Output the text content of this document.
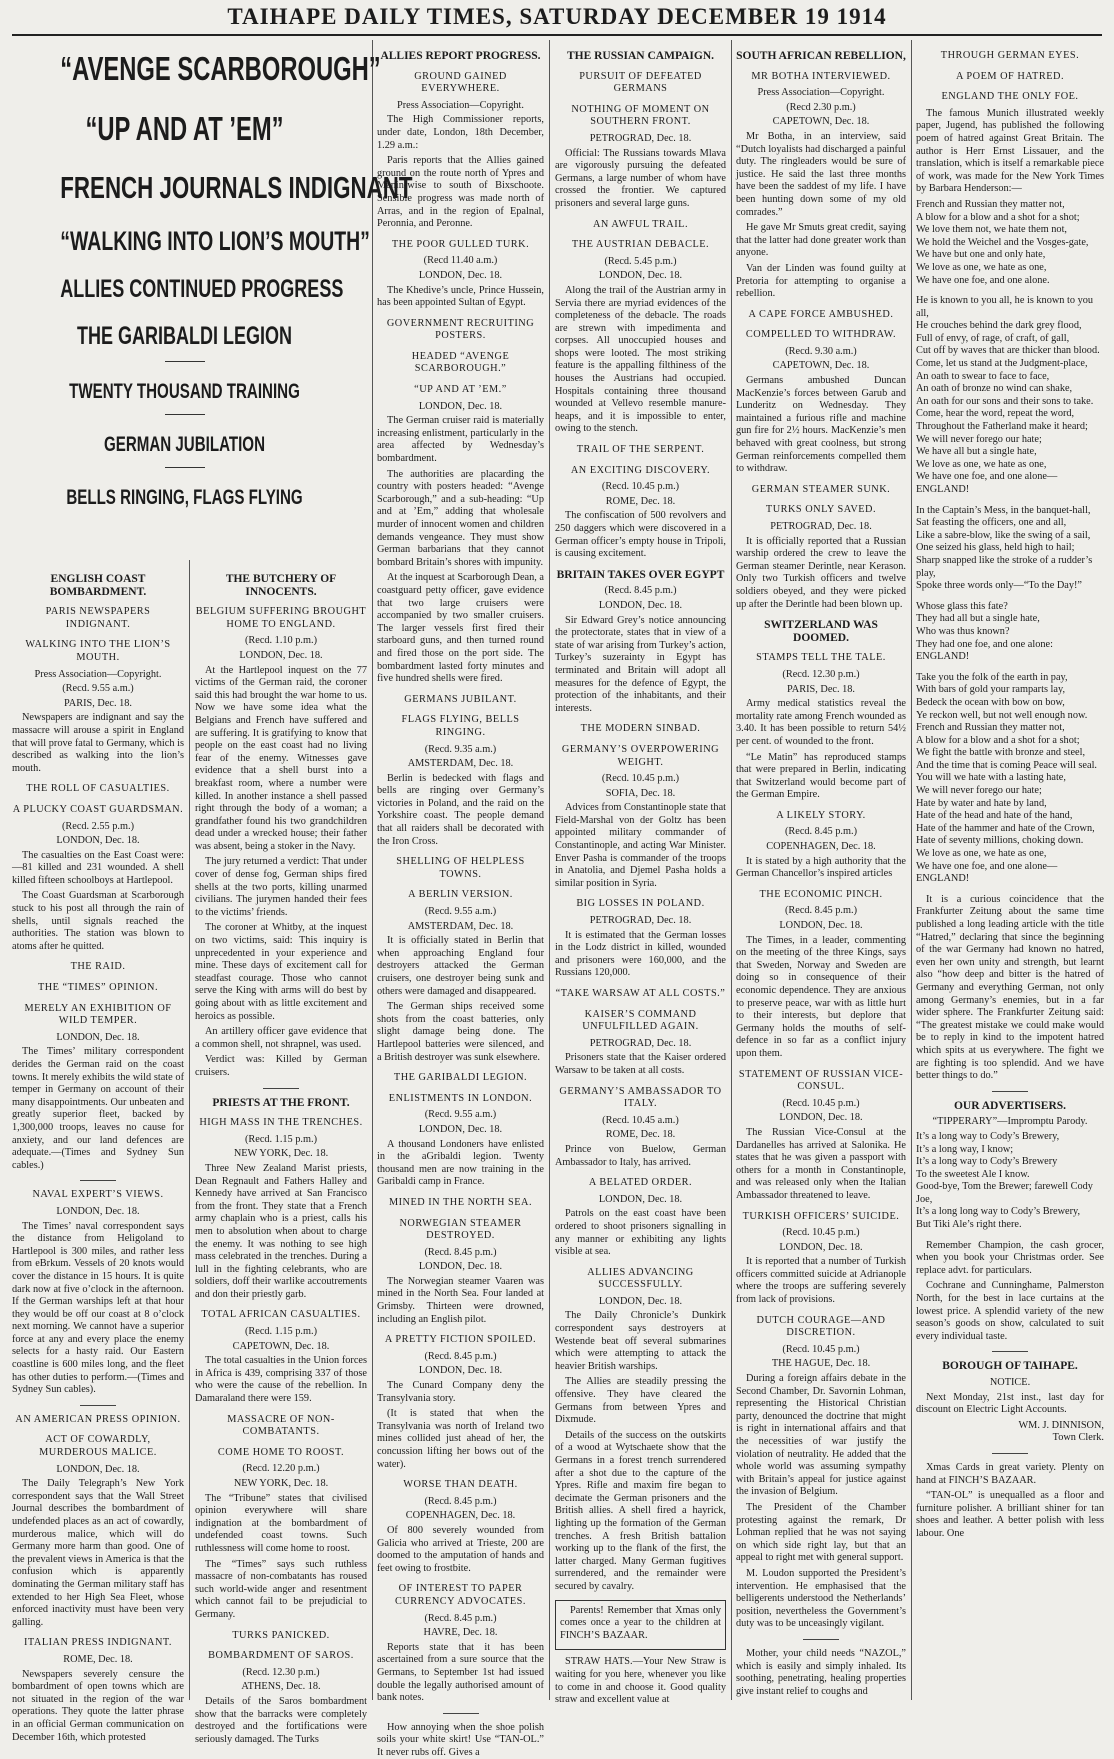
TAIHAPE DAILY TIMES, SATURDAY DECEMBER 19 1914
“AVENGE SCARBOROUGH”
“UP AND AT ’EM”
FRENCH JOURNALS INDIGNANT
“WALKING INTO LION’S MOUTH”
ALLIES CONTINUED PROGRESS
THE GARIBALDI LEGION
TWENTY THOUSAND TRAINING
GERMAN JUBILATION
BELLS RINGING, FLAGS FLYING
ENGLISH COAST BOMBARDMENT.
PARIS NEWSPAPERS INDIGNANT.
WALKING INTO THE LION’S MOUTH.
Press Association—Copyright.
(Recd. 9.55 a.m.)
PARIS, Dec. 18.

Newspapers are indignant and say the massacre will arouse a spirit in England that will prove fatal to Germany, which is described as walking into the lion’s mouth.

THE ROLL OF CASUALTIES.
A PLUCKY COAST GUARDSMAN.
(Recd. 2.55 p.m.)
LONDON, Dec. 18.

The casualties on the East Coast were:—81 killed and 231 wounded. A shell killed fifteen schoolboys at Hartlepool.

The Coast Guardsman at Scarborough stuck to his post all through the rain of shells, until signals reached the authorities. The station was blown to atoms after he quitted.

THE RAID.
THE “TIMES” OPINION.
MERELY AN EXHIBITION OF WILD TEMPER.
LONDON, Dec. 18.

The Times’ military correspondent derides the German raid on the coast towns. It merely exhibits the wild state of temper in Germany on account of their many disappointments. Our unbeaten and greatly superior fleet, backed by 1,300,000 troops, leaves no cause for anxiety, and our land defences are adequate.—(Times and Sydney Sun cables.)

NAVAL EXPERT’S VIEWS.
LONDON, Dec. 18.

The Times’ naval correspondent says the distance from Heligoland to Hartlepool is 300 miles, and rather less from eBrkum. Vessels of 20 knots would cover the distance in 15 hours. It is quite dark now at five o’clock in the afternoon. If the German warships left at that hour they would be off our coast at 8 o’clock next morning. We cannot have a superior force at any and every place the enemy selects for a hasty raid. Our Eastern coastline is 600 miles long, and the fleet has other duties to perform.—(Times and Sydney Sun cables).

AN AMERICAN PRESS OPINION.
ACT OF COWARDLY, MURDEROUS MALICE.
LONDON, Dec. 18.

The Daily Telegraph’s New York correspondent says that the Wall Street Journal describes the bombardment of undefended places as an act of cowardly, murderous malice, which will do Germany more harm than good. One of the prevalent views in America is that the confusion which is apparently dominating the German military staff has extended to her High Sea Fleet, whose enforced inactivity must have been very galling.

ITALIAN PRESS INDIGNANT.
ROME, Dec. 18.

Newspapers severely censure the bombardment of open towns which are not situated in the region of the war operations. They quote the latter phrase in an official German communication on December 16th, which protested

THE BUTCHERY OF INNOCENTS.
BELGIUM SUFFERING BROUGHT HOME TO ENGLAND.
(Recd. 1.10 p.m.)
LONDON, Dec. 18.

At the Hartlepool inquest on the 77 victims of the German raid, the coroner said this had brought the war home to us. Now we have some idea what the Belgians and French have suffered and are suffering. It is gratifying to know that people on the east coast had no living fear of the enemy. Witnesses gave evidence that a shell burst into a breakfast room, where a number were killed. In another instance a shell passed right through the body of a woman; a grandfather found his two grandchildren dead under a wrecked house; their father was absent, being a stoker in the Navy.

The jury returned a verdict: That under cover of dense fog, German ships fired shells at the two ports, killing unarmed civilians. The jurymen handed their fees to the victims’ friends.

The coroner at Whitby, at the inquest on two victims, said: This inquiry is unprecedented in your experience and mine. These days of excitement call for steadfast courage. Those who cannot serve the King with arms will do best by going about with as little excitement and heroics as possible.

An artillery officer gave evidence that a common shell, not shrapnel, was used.

Verdict was: Killed by German cruisers.

PRIESTS AT THE FRONT.
HIGH MASS IN THE TRENCHES.
(Recd. 1.15 p.m.)
NEW YORK, Dec. 18.

Three New Zealand Marist priests, Dean Regnault and Fathers Halley and Kennedy have arrived at San Francisco from the front. They state that a French army chaplain who is a priest, calls his men to absolution when about to charge the enemy. It was nothing to see high mass celebrated in the trenches. During a lull in the fighting celebrants, who are soldiers, doff their warlike accoutrements and don their priestly garb.

TOTAL AFRICAN CASUALTIES.
(Recd. 1.15 p.m.)
CAPETOWN, Dec. 18.

The total casualties in the Union forces in Africa is 439, comprising 337 of those who were the cause of the rebellion. In Damaraland there were 159.

MASSACRE OF NON-COMBATANTS.
COME HOME TO ROOST.
(Recd. 12.20 p.m.)
NEW YORK, Dec. 18.

The “Tribune” states that civilised opinion everywhere will share indignation at the bombardment of undefended coast towns. Such ruthlessness will come home to roost.

The “Times” says such ruthless massacre of non-combatants has roused such world-wide anger and resentment which cannot fail to be prejudicial to Germany.

TURKS PANICKED.
BOMBARDMENT OF SAROS.
(Recd. 12.30 p.m.)
ATHENS, Dec. 18.

Details of the Saros bombardment show that the barracks were completely destroyed and the fortifications were seriously damaged. The Turks

ALLIES REPORT PROGRESS.
GROUND GAINED EVERYWHERE.
Press Association—Copyright.

The High Commissioner reports, under date, London, 18th December, 1.29 a.m.:

Paris reports that the Allies gained ground on the route north of Ypres and Menin-wise to south of Bixschoote. Sensible progress was made north of Arras, and in the region of Epalnal, Peronnia, and Peronne.

THE POOR GULLED TURK.
(Recd 11.40 a.m.)
LONDON, Dec. 18.

The Khedive’s uncle, Prince Hussein, has been appointed Sultan of Egypt.

GOVERNMENT RECRUITING POSTERS.
HEADED “AVENGE SCARBOROUGH.”
“UP AND AT ’EM.”
LONDON, Dec. 18.

The German cruiser raid is materially increasing enlistment, particularly in the area affected by Wednesday’s bombardment.

The authorities are placarding the country with posters headed: “Avenge Scarborough,” and a sub-heading: “Up and at ’Em,” adding that wholesale murder of innocent women and children demands vengeance. They must show German barbarians that they cannot bombard Britain’s shores with impunity.

At the inquest at Scarborough Dean, a coastguard petty officer, gave evidence that two large cruisers were accompanied by two smaller cruisers. The larger vessels first fired their starboard guns, and then turned round and fired those on the port side. The bombardment lasted forty minutes and five hundred shells were fired.

GERMANS JUBILANT.
FLAGS FLYING, BELLS RINGING.
(Recd. 9.35 a.m.)
AMSTERDAM, Dec. 18.

Berlin is bedecked with flags and bells are ringing over Germany’s victories in Poland, and the raid on the Yorkshire coast. The people demand that all raiders shall be decorated with the Iron Cross.

SHELLING OF HELPLESS TOWNS.
A BERLIN VERSION.
(Recd. 9.55 a.m.)
AMSTERDAM, Dec. 18.

It is officially stated in Berlin that when approaching England four destroyers attacked the German cruisers, one destroyer being sunk and others were damaged and disappeared.

The German ships received some shots from the coast batteries, only slight damage being done. The Hartlepool batteries were silenced, and a British destroyer was sunk elsewhere.

THE GARIBALDI LEGION.
ENLISTMENTS IN LONDON.
(Recd. 9.55 a.m.)
LONDON, Dec. 18.

A thousand Londoners have enlisted in the aGribaldi legion. Twenty thousand men are now training in the Garibaldi camp in France.

MINED IN THE NORTH SEA.
NORWEGIAN STEAMER DESTROYED.
(Recd. 8.45 p.m.)
LONDON, Dec. 18.

The Norwegian steamer Vaaren was mined in the North Sea. Four landed at Grimsby. Thirteen were drowned, including an English pilot.

A PRETTY FICTION SPOILED.
(Recd. 8.45 p.m.)
LONDON, Dec. 18.

The Cunard Company deny the Transylvania story.

(It is stated that when the Transylvania was north of Ireland two mines collided just ahead of her, the concussion lifting her bows out of the water).

WORSE THAN DEATH.
(Recd. 8.45 p.m.)
COPENHAGEN, Dec. 18.

Of 800 severely wounded from Galicia who arrived at Trieste, 200 are doomed to the amputation of hands and feet owing to frostbite.

OF INTEREST TO PAPER CURRENCY ADVOCATES.
(Recd. 8.45 p.m.)
HAVRE, Dec. 18.

Reports state that it has been ascertained from a sure source that the Germans, to September 1st had issued double the legally authorised amount of bank notes.

How annoying when the shoe polish soils your white skirt! Use “TAN-OL.” It never rubs off. Gives a

THE RUSSIAN CAMPAIGN.
PURSUIT OF DEFEATED GERMANS
NOTHING OF MOMENT ON SOUTHERN FRONT.
PETROGRAD, Dec. 18.

Official: The Russians towards Mlava are vigorously pursuing the defeated Germans, a large number of whom have crossed the frontier. We captured prisoners and several large guns.

AN AWFUL TRAIL.
THE AUSTRIAN DEBACLE.
(Recd. 5.45 p.m.)
LONDON, Dec. 18.

Along the trail of the Austrian army in Servia there are myriad evidences of the completeness of the debacle. The roads are strewn with impedimenta and corpses. All unoccupied houses and shops were looted. The most striking feature is the appalling filthiness of the houses the Austrians had occupied. Hospitals containing three thousand wounded at Vellevo resemble manure-heaps, and it is impossible to enter, owing to the stench.

TRAIL OF THE SERPENT.
AN EXCITING DISCOVERY.
(Recd. 10.45 p.m.)
ROME, Dec. 18.

The confiscation of 500 revolvers and 250 daggers which were discovered in a German officer’s empty house in Tripoli, is causing excitement.

BRITAIN TAKES OVER EGYPT
(Recd. 8.45 p.m.)
LONDON, Dec. 18.

Sir Edward Grey’s notice announcing the protectorate, states that in view of a state of war arising from Turkey’s action, Turkey’s suzerainty in Egypt has terminated and Britain will adopt all measures for the defence of Egypt, the protection of the inhabitants, and their interests.

THE MODERN SINBAD.
GERMANY’S OVERPOWERING WEIGHT.
(Recd. 10.45 p.m.)
SOFIA, Dec. 18.

Advices from Constantinople state that Field-Marshal von der Goltz has been appointed military commander of Constantinople, and acting War Minister. Enver Pasha is commander of the troops in Anatolia, and Djemel Pasha holds a similar position in Syria.

BIG LOSSES IN POLAND.
PETROGRAD, Dec. 18.

It is estimated that the German losses in the Lodz district in killed, wounded and prisoners were 160,000, and the Russians 120,000.

“TAKE WARSAW AT ALL COSTS.”
KAISER’S COMMAND UNFULFILLED AGAIN.
PETROGRAD, Dec. 18.

Prisoners state that the Kaiser ordered Warsaw to be taken at all costs.

GERMANY’S AMBASSADOR TO ITALY.
(Recd. 10.45 a.m.)
ROME, Dec. 18.

Prince von Buelow, German Ambassador to Italy, has arrived.

A BELATED ORDER.
LONDON, Dec. 18.

Patrols on the east coast have been ordered to shoot prisoners signalling in any manner or exhibiting any lights visible at sea.

ALLIES ADVANCING SUCCESSFULLY.
LONDON, Dec. 18.

The Daily Chronicle’s Dunkirk correspondent says destroyers at Westende beat off several submarines which were attempting to attack the heavier British warships.

The Allies are steadily pressing the offensive. They have cleared the Germans from between Ypres and Dixmude.

Details of the success on the outskirts of a wood at Wytschaete show that the Germans in a forest trench surrendered after a shot due to the capture of the Ypres. Rifle and maxim fire began to decimate the German prisoners and the British allies. A shell fired a hayrick, lighting up the formation of the German trenches. A fresh British battalion working up to the flank of the first, the latter charged. Many German fugitives surrendered, and the remainder were secured by cavalry.

Parents! Remember that Xmas only comes once a year to the children at FINCH’S BAZAAR.

STRAW HATS.—Your New Straw is waiting for you here, whenever you like to come in and choose it. Good quality straw and excellent value at

SOUTH AFRICAN REBELLION,
MR BOTHA INTERVIEWED.
Press Association—Copyright.
(Recd 2.30 p.m.)
CAPETOWN, Dec. 18.

Mr Botha, in an interview, said “Dutch loyalists had discharged a painful duty. The ringleaders would be sure of justice. He said the last three months have been the saddest of my life. I have been hunting down some of my old comrades.”

He gave Mr Smuts great credit, saying that the latter had done greater work than anyone.

Van der Linden was found guilty at Pretoria for attempting to organise a rebellion.

A CAPE FORCE AMBUSHED.
COMPELLED TO WITHDRAW.
(Recd. 9.30 a.m.)
CAPETOWN, Dec. 18.

Germans ambushed Duncan MacKenzie’s forces between Garub and Lunderitz on Wednesday. They maintained a furious rifle and machine gun fire for 2½ hours. MacKenzie’s men behaved with great coolness, but strong German reinforcements compelled them to withdraw.

GERMAN STEAMER SUNK.
TURKS ONLY SAVED.
PETROGRAD, Dec. 18.

It is officially reported that a Russian warship ordered the crew to leave the German steamer Derintle, near Kerason. Only two Turkish officers and twelve soldiers obeyed, and they were picked up after the Derintle had been blown up.

SWITZERLAND WAS DOOMED.
STAMPS TELL THE TALE.
(Recd. 12.30 p.m.)
PARIS, Dec. 18.

Army medical statistics reveal the mortality rate among French wounded as 3.40. It has been possible to return 54½ per cent. of wounded to the front.

“Le Matin” has reproduced stamps that were prepared in Berlin, indicating that Switzerland would become part of the German Empire.

A LIKELY STORY.
(Recd. 8.45 p.m.)
COPENHAGEN, Dec. 18.

It is stated by a high authority that the German Chancellor’s inspired articles

THE ECONOMIC PINCH.
(Recd. 8.45 p.m.)
LONDON, Dec. 18.

The Times, in a leader, commenting on the meeting of the three Kings, says that Sweden, Norway and Sweden are doing so in consequence of their economic dependence. They are anxious to preserve peace, war with as little hurt to their interests, but deplore that Germany holds the mouths of self-defence in so far as a conflict injury upon them.

STATEMENT OF RUSSIAN VICE-CONSUL.
(Recd. 10.45 p.m.)
LONDON, Dec. 18.

The Russian Vice-Consul at the Dardanelles has arrived at Salonika. He states that he was given a passport with others for a month in Constantinople, and was released only when the Italian Ambassador threatened to leave.

TURKISH OFFICERS’ SUICIDE.
(Recd. 10.45 p.m.)
LONDON, Dec. 18.

It is reported that a number of Turkish officers committed suicide at Adrianople where the troops are suffering severely from lack of provisions.

DUTCH COURAGE—AND DISCRETION.
(Recd. 10.45 p.m.)
THE HAGUE, Dec. 18.

During a foreign affairs debate in the Second Chamber, Dr. Savornin Lohman, representing the Historical Christian party, denounced the doctrine that might is right in international affairs and that the necessities of war justify the violation of neutrality. He added that the whole world was assuming sympathy with Britain’s appeal for justice against the invasion of Belgium.

The President of the Chamber protesting against the remark, Dr Lohman replied that he was not saying on which side right lay, but that an appeal to right met with general support.

M. Loudon supported the President’s intervention. He emphasised that the belligerents understood the Netherlands’ position, nevertheless the Government’s duty was to be unceasingly vigilant.

Mother, your child needs “NAZOL,” which is easily and simply inhaled. Its soothing, penetrating, healing properties give instant relief to coughs and

THROUGH GERMAN EYES.
A POEM OF HATRED.
ENGLAND THE ONLY FOE.

The famous Munich illustrated weekly paper, Jugend, has published the following poem of hatred against Great Britain. The author is Herr Ernst Lissauer, and the translation, which is itself a remarkable piece of work, was made for the New York Times by Barbara Henderson:—

French and Russian they matter not,

A blow for a blow and a shot for a shot;

We love them not, we hate them not,

We hold the Weichel and the Vosges-gate,

We have but one and only hate,

We love as one, we hate as one,

We have one foe, and one alone.

He is known to you all, he is known to you all,

He crouches behind the dark grey flood,

Full of envy, of rage, of craft, of gall,

Cut off by waves that are thicker than blood.

Come, let us stand at the Judgment-place,

An oath to swear to face to face,

An oath of bronze no wind can shake,

An oath for our sons and their sons to take.

Come, hear the word, repeat the word,

Throughout the Fatherland make it heard;

We will never forego our hate;

We have all but a single hate,

We love as one, we hate as one,

We have one foe, and one alone—

ENGLAND!

In the Captain’s Mess, in the banquet-hall,

Sat feasting the officers, one and all,

Like a sabre-blow, like the swing of a sail,

One seized his glass, held high to hail;

Sharp snapped like the stroke of a rudder’s play,

Spoke three words only—“To the Day!”

Whose glass this fate?

They had all but a single hate,

Who was thus known?

They had one foe, and one alone:

ENGLAND!

Take you the folk of the earth in pay,

With bars of gold your ramparts lay,

Bedeck the ocean with bow on bow,

Ye reckon well, but not well enough now.

French and Russian they matter not,

A blow for a blow and a shot for a shot;

We fight the battle with bronze and steel,

And the time that is coming Peace will seal.

You will we hate with a lasting hate,

We will never forego our hate;

Hate by water and hate by land,

Hate of the head and hate of the hand,

Hate of the hammer and hate of the Crown,

Hate of seventy millions, choking down.

We love as one, we hate as one,

We have one foe, and one alone—

ENGLAND!

It is a curious coincidence that the Frankfurter Zeitung about the same time published a long leading article with the title “Hatred,” declaring that since the beginning of the war Germany had known no hatred, even her own unity and strength, but learnt also “how deep and bitter is the hatred of Germany and everything German, not only among Germany’s enemies, but in a far wider sphere. The Frankfurter Zeitung said: “The greatest mistake we could make would be to reply in kind to the impotent hatred which spits at us everywhere. The fight we are fighting is too splendid. And we have better things to do.”

OUR ADVERTISERS.
“TIPPERARY”—Impromptu Parody.

It’s a long way to Cody’s Brewery,

It’s a long way, I know;

It’s a long way to Cody’s Brewery

To the sweetest Ale I know.

Good-bye, Tom the Brewer; farewell Cody Joe,

It’s a long long way to Cody’s Brewery,

But Tiki Ale’s right there.

Remember Champion, the cash grocer, when you book your Christmas order. See replace advt. for particulars.

Cochrane and Cunninghame, Palmerston North, for the best in lace curtains at the lowest price. A splendid variety of the new season’s goods on show, calculated to suit every individual taste.

BOROUGH OF TAIHAPE.
NOTICE.

Next Monday, 21st inst., last day for discount on Electric Light Accounts.

WM. J. DINNISON,
Town Clerk.

Xmas Cards in great variety. Plenty on hand at FINCH’S BAZAAR.

“TAN-OL” is unequalled as a floor and furniture polisher. A brilliant shiner for tan shoes and leather. A better polish with less labour. One
